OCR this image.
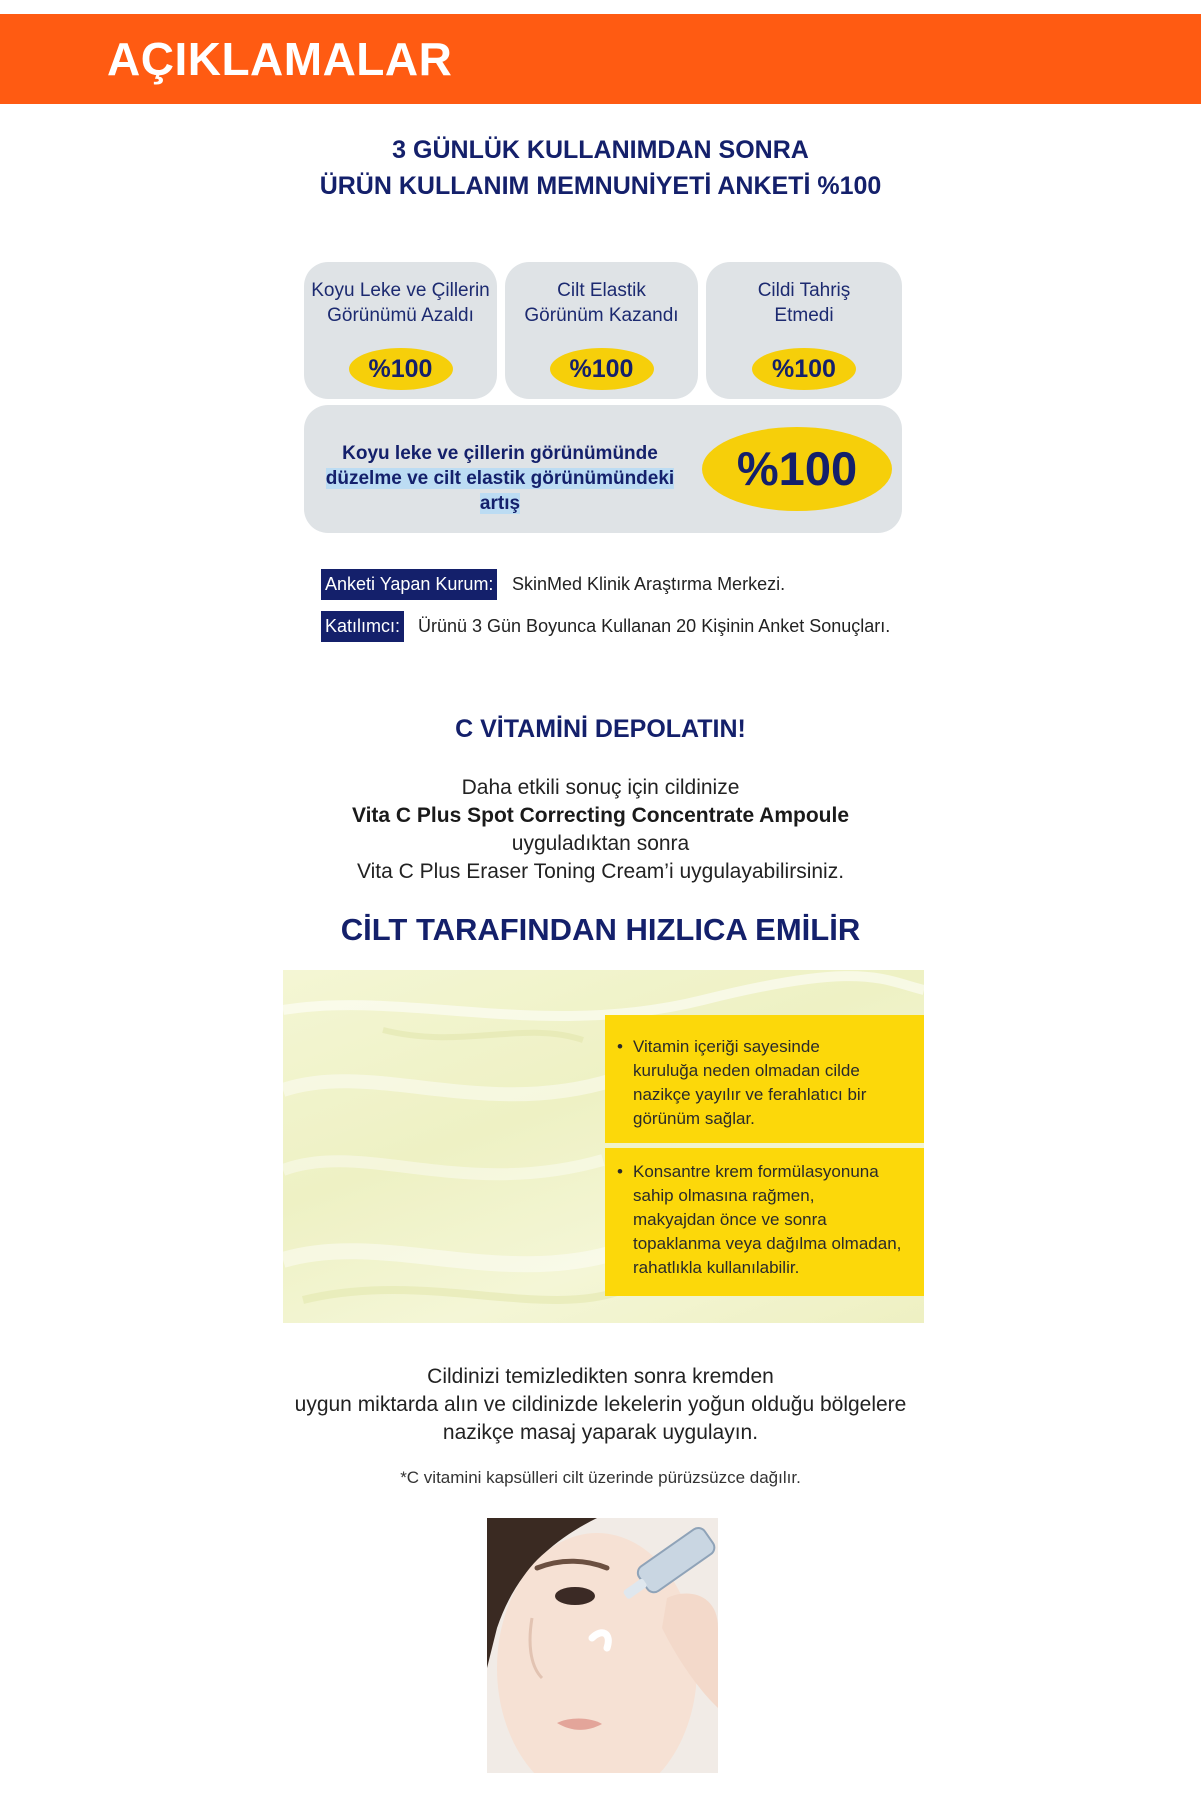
AÇIKLAMALAR
3 GÜNLÜK KULLANIMDAN SONRA
ÜRÜN KULLANIM MEMNUNİYETİ ANKETİ %100
Koyu Leke ve Çillerin
Görünümü Azaldı
%100
Cilt Elastik
Görünüm Kazandı
%100
Cildi Tahriş
Etmedi
%100
Koyu leke ve çillerin görünümünde
düzelme ve cilt elastik görünümündeki artış
%100
Anketi Yapan Kurum: SkinMed Klinik Araştırma Merkezi.
Katılımcı: Ürünü 3 Gün Boyunca Kullanan 20 Kişinin Anket Sonuçları.
C VİTAMİNİ DEPOLATIN!
Daha etkili sonuç için cildinize
Vita C Plus Spot Correcting Concentrate Ampoule
uyguladıktan sonra
Vita C Plus Eraser Toning Cream’i uygulayabilirsiniz.
CİLT TARAFINDAN HIZLICA EMİLİR
• Vitamin içeriği sayesinde
kuruluğa neden olmadan cilde
nazikçe yayılır ve ferahlatıcı bir
görünüm sağlar.
• Konsantre krem formülasyonuna
sahip olmasına rağmen,
makyajdan önce ve sonra
topaklanma veya dağılma olmadan,
rahatlıkla kullanılabilir.
Cildinizi temizledikten sonra kremden
uygun miktarda alın ve cildinizde lekelerin yoğun olduğu bölgelere
nazikçe masaj yaparak uygulayın.
*C vitamini kapsülleri cilt üzerinde pürüzsüzce dağılır.
